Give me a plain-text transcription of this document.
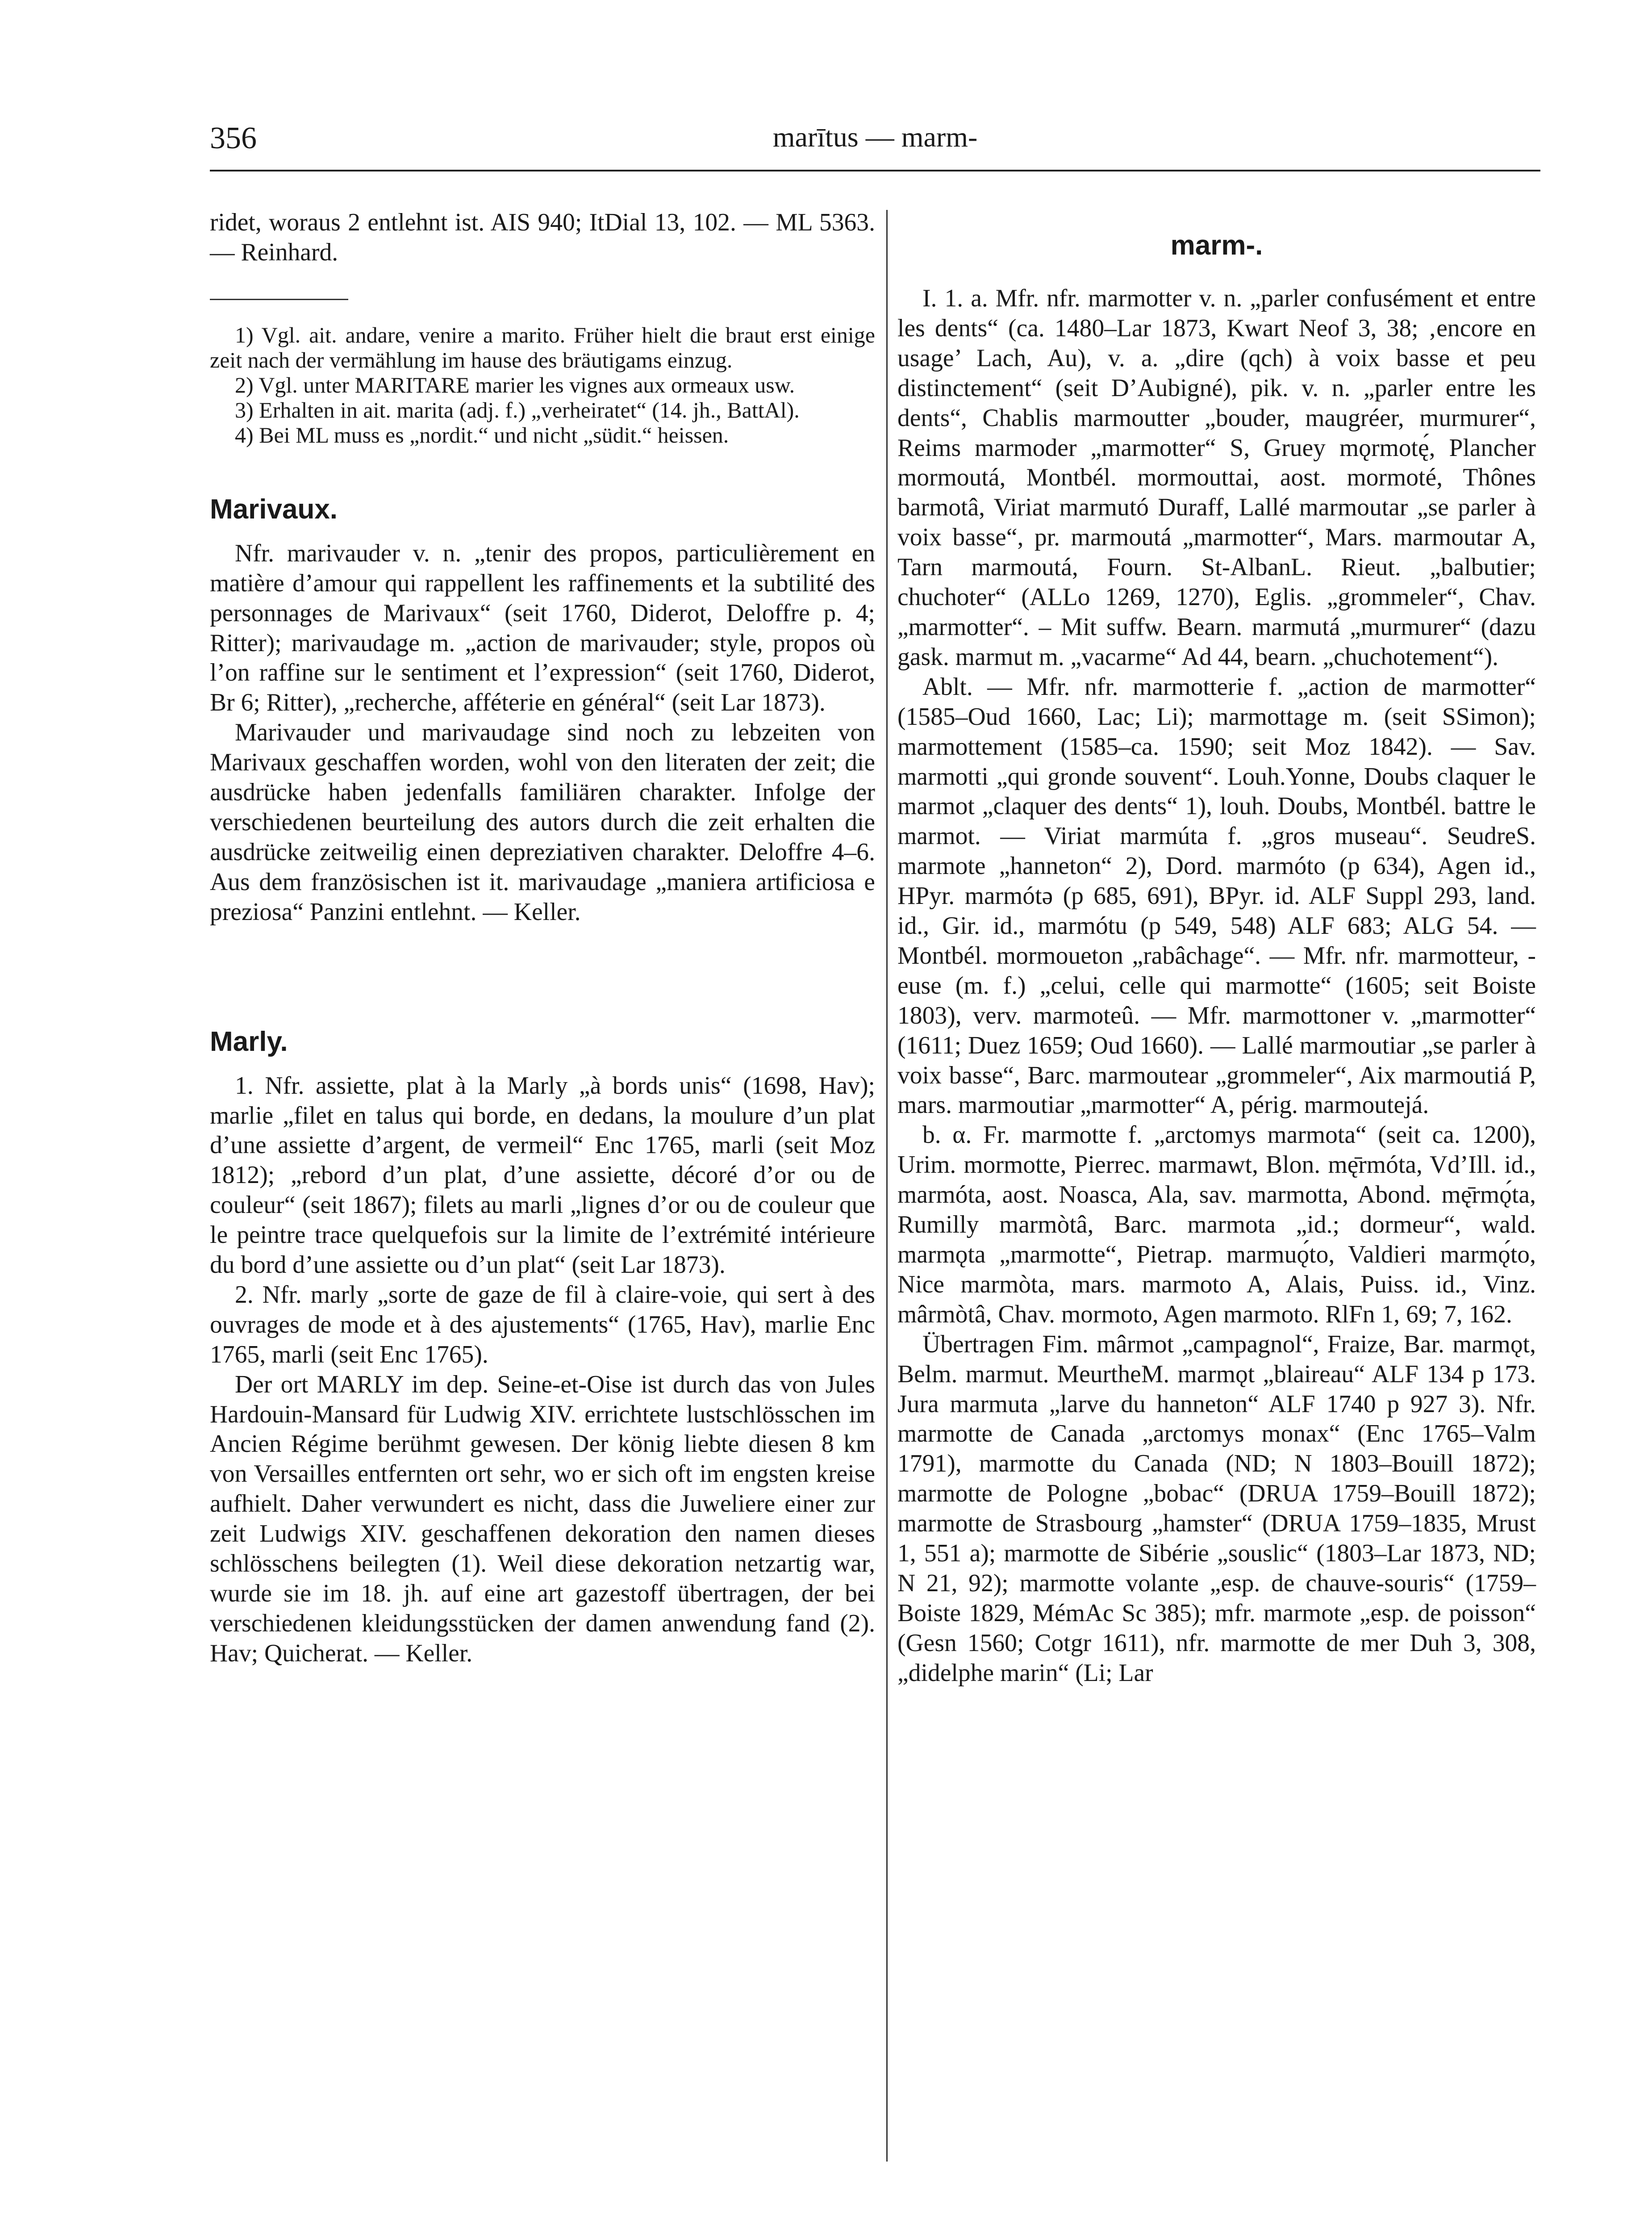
356	marītus — marm-

ridet, woraus 2 entlehnt ist. AIS 940; ItDial 13, 102. — ML 5363. — Reinhard.

1) Vgl. ait. andare, venire a marito. Früher hielt die braut erst einige zeit nach der vermählung im hause des bräutigams einzug.

2) Vgl. unter MARITARE marier les vignes aux ormeaux usw.

3) Erhalten in ait. marita (adj. f.) „verheiratet“ (14. jh., BattAl).

4) Bei ML muss es „nordit.“ und nicht „südit.“ heissen.

Marivaux.

Nfr. marivauder v. n. „tenir des propos, particulièrement en matière d’amour qui rappellent les raffinements et la subtilité des personnages de Marivaux“ (seit 1760, Diderot, Deloffre p. 4; Ritter); marivaudage m. „action de marivauder; style, propos où l’on raffine sur le sentiment et l’expression“ (seit 1760, Diderot, Br 6; Ritter), „recherche, afféterie en général“ (seit Lar 1873).

Marivauder und marivaudage sind noch zu lebzeiten von Marivaux geschaffen worden, wohl von den literaten der zeit; die ausdrücke haben jedenfalls familiären charakter. Infolge der verschiedenen beurteilung des autors durch die zeit erhalten die ausdrücke zeitweilig einen depreziativen charakter. Deloffre 4–6. Aus dem französischen ist it. marivaudage „maniera artificiosa e preziosa“ Panzini entlehnt. — Keller.

Marly.

1. Nfr. assiette, plat à la Marly „à bords unis“ (1698, Hav); marlie „filet en talus qui borde, en dedans, la moulure d’un plat d’une assiette d’argent, de vermeil“ Enc 1765, marli (seit Moz 1812); „rebord d’un plat, d’une assiette, décoré d’or ou de couleur“ (seit 1867); filets au marli „lignes d’or ou de couleur que le peintre trace quelquefois sur la limite de l’extrémité intérieure du bord d’une assiette ou d’un plat“ (seit Lar 1873).

2. Nfr. marly „sorte de gaze de fil à claire-voie, qui sert à des ouvrages de mode et à des ajustements“ (1765, Hav), marlie Enc 1765, marli (seit Enc 1765).

Der ort MARLY im dep. Seine-et-Oise ist durch das von Jules Hardouin-Mansard für Ludwig XIV. errichtete lustschlösschen im Ancien Régime berühmt gewesen. Der könig liebte diesen 8 km von Versailles entfernten ort sehr, wo er sich oft im engsten kreise aufhielt. Daher verwundert es nicht, dass die Juweliere einer zur zeit Ludwigs XIV. geschaffenen dekoration den namen dieses schlösschens beilegten (1). Weil diese dekoration netzartig war, wurde sie im 18. jh. auf eine art gazestoff übertragen, der bei verschiedenen kleidungsstücken der damen anwendung fand (2). Hav; Quicherat. — Keller.

marm-.

I. 1. a. Mfr. nfr. marmotter v. n. „parler confusément et entre les dents“ (ca. 1480–Lar 1873, Kwart Neof 3, 38; ‚encore en usage’ Lach, Au), v. a. „dire (qch) à voix basse et peu distinctement“ (seit D’Aubigné), pik. v. n. „parler entre les dents“, Chablis marmoutter „bouder, maugréer, murmurer“, Reims marmoder „marmotter“ S, Gruey mǫrmotę́, Plancher mormoutá, Montbél. mormouttai, aost. mormoté, Thônes barmotâ, Viriat marmutó Duraff, Lallé marmoutar „se parler à voix basse“, pr. marmoutá „marmotter“, Mars. marmoutar A, Tarn marmoutá, Fourn. St-AlbanL. Rieut. „balbutier; chuchoter“ (ALLo 1269, 1270), Eglis. „grommeler“, Chav. „marmotter“. – Mit suffw. Bearn. marmutá „murmurer“ (dazu gask. marmut m. „vacarme“ Ad 44, bearn. „chuchotement“).

Ablt. — Mfr. nfr. marmotterie f. „action de marmotter“ (1585–Oud 1660, Lac; Li); marmottage m. (seit SSimon); marmottement (1585–ca. 1590; seit Moz 1842). — Sav. marmotti „qui gronde souvent“. Louh.Yonne, Doubs claquer le marmot „claquer des dents“ 1), louh. Doubs, Montbél. battre le marmot. — Viriat marmúta f. „gros museau“. SeudreS. marmote „hanneton“ 2), Dord. marmóto (p 634), Agen id., HPyr. marmótə (p 685, 691), BPyr. id. ALF Suppl 293, land. id., Gir. id., marmótu (p 549, 548) ALF 683; ALG 54. — Montbél. mormoueton „rabâchage“. — Mfr. nfr. marmotteur, -euse (m. f.) „celui, celle qui marmotte“ (1605; seit Boiste 1803), verv. marmoteû. — Mfr. marmottoner v. „marmotter“ (1611; Duez 1659; Oud 1660). — Lallé marmoutiar „se parler à voix basse“, Barc. marmoutear „grommeler“, Aix marmoutiá P, mars. marmoutiar „marmotter“ A, périg. marmoutejá.

b. α. Fr. marmotte f. „arctomys marmota“ (seit ca. 1200), Urim. mormotte, Pierrec. marmawt, Blon. mę̄rmóta, Vd’Ill. id., marmóta, aost. Noasca, Ala, sav. marmotta, Abond. mę̄rmǫ́ta, Rumilly marmòtâ, Barc. marmota „id.; dormeur“, wald. marmǫta „marmotte“, Pietrap. marmuǫ́to, Valdieri marmǫ́to, Nice marmòta, mars. marmoto A, Alais, Puiss. id., Vinz. mârmòtâ, Chav. mormoto, Agen marmoto. RlFn 1, 69; 7, 162.

Übertragen Fim. mârmot „campagnol“, Fraize, Bar. marmǫt, Belm. marmut. MeurtheM. marmǫt „blaireau“ ALF 134 p 173. Jura marmuta „larve du hanneton“ ALF 1740 p 927 3). Nfr. marmotte de Canada „arctomys monax“ (Enc 1765–Valm 1791), marmotte du Canada (ND; N 1803–Bouill 1872); marmotte de Pologne „bobac“ (DRUA 1759–Bouill 1872); marmotte de Strasbourg „hamster“ (DRUA 1759–1835, Mrust 1, 551 a); marmotte de Sibérie „souslic“ (1803–Lar 1873, ND; N 21, 92); marmotte volante „esp. de chauve-souris“ (1759–Boiste 1829, MémAc Sc 385); mfr. marmote „esp. de poisson“ (Gesn 1560; Cotgr 1611), nfr. marmotte de mer Duh 3, 308, „didelphe marin“ (Li; Lar
